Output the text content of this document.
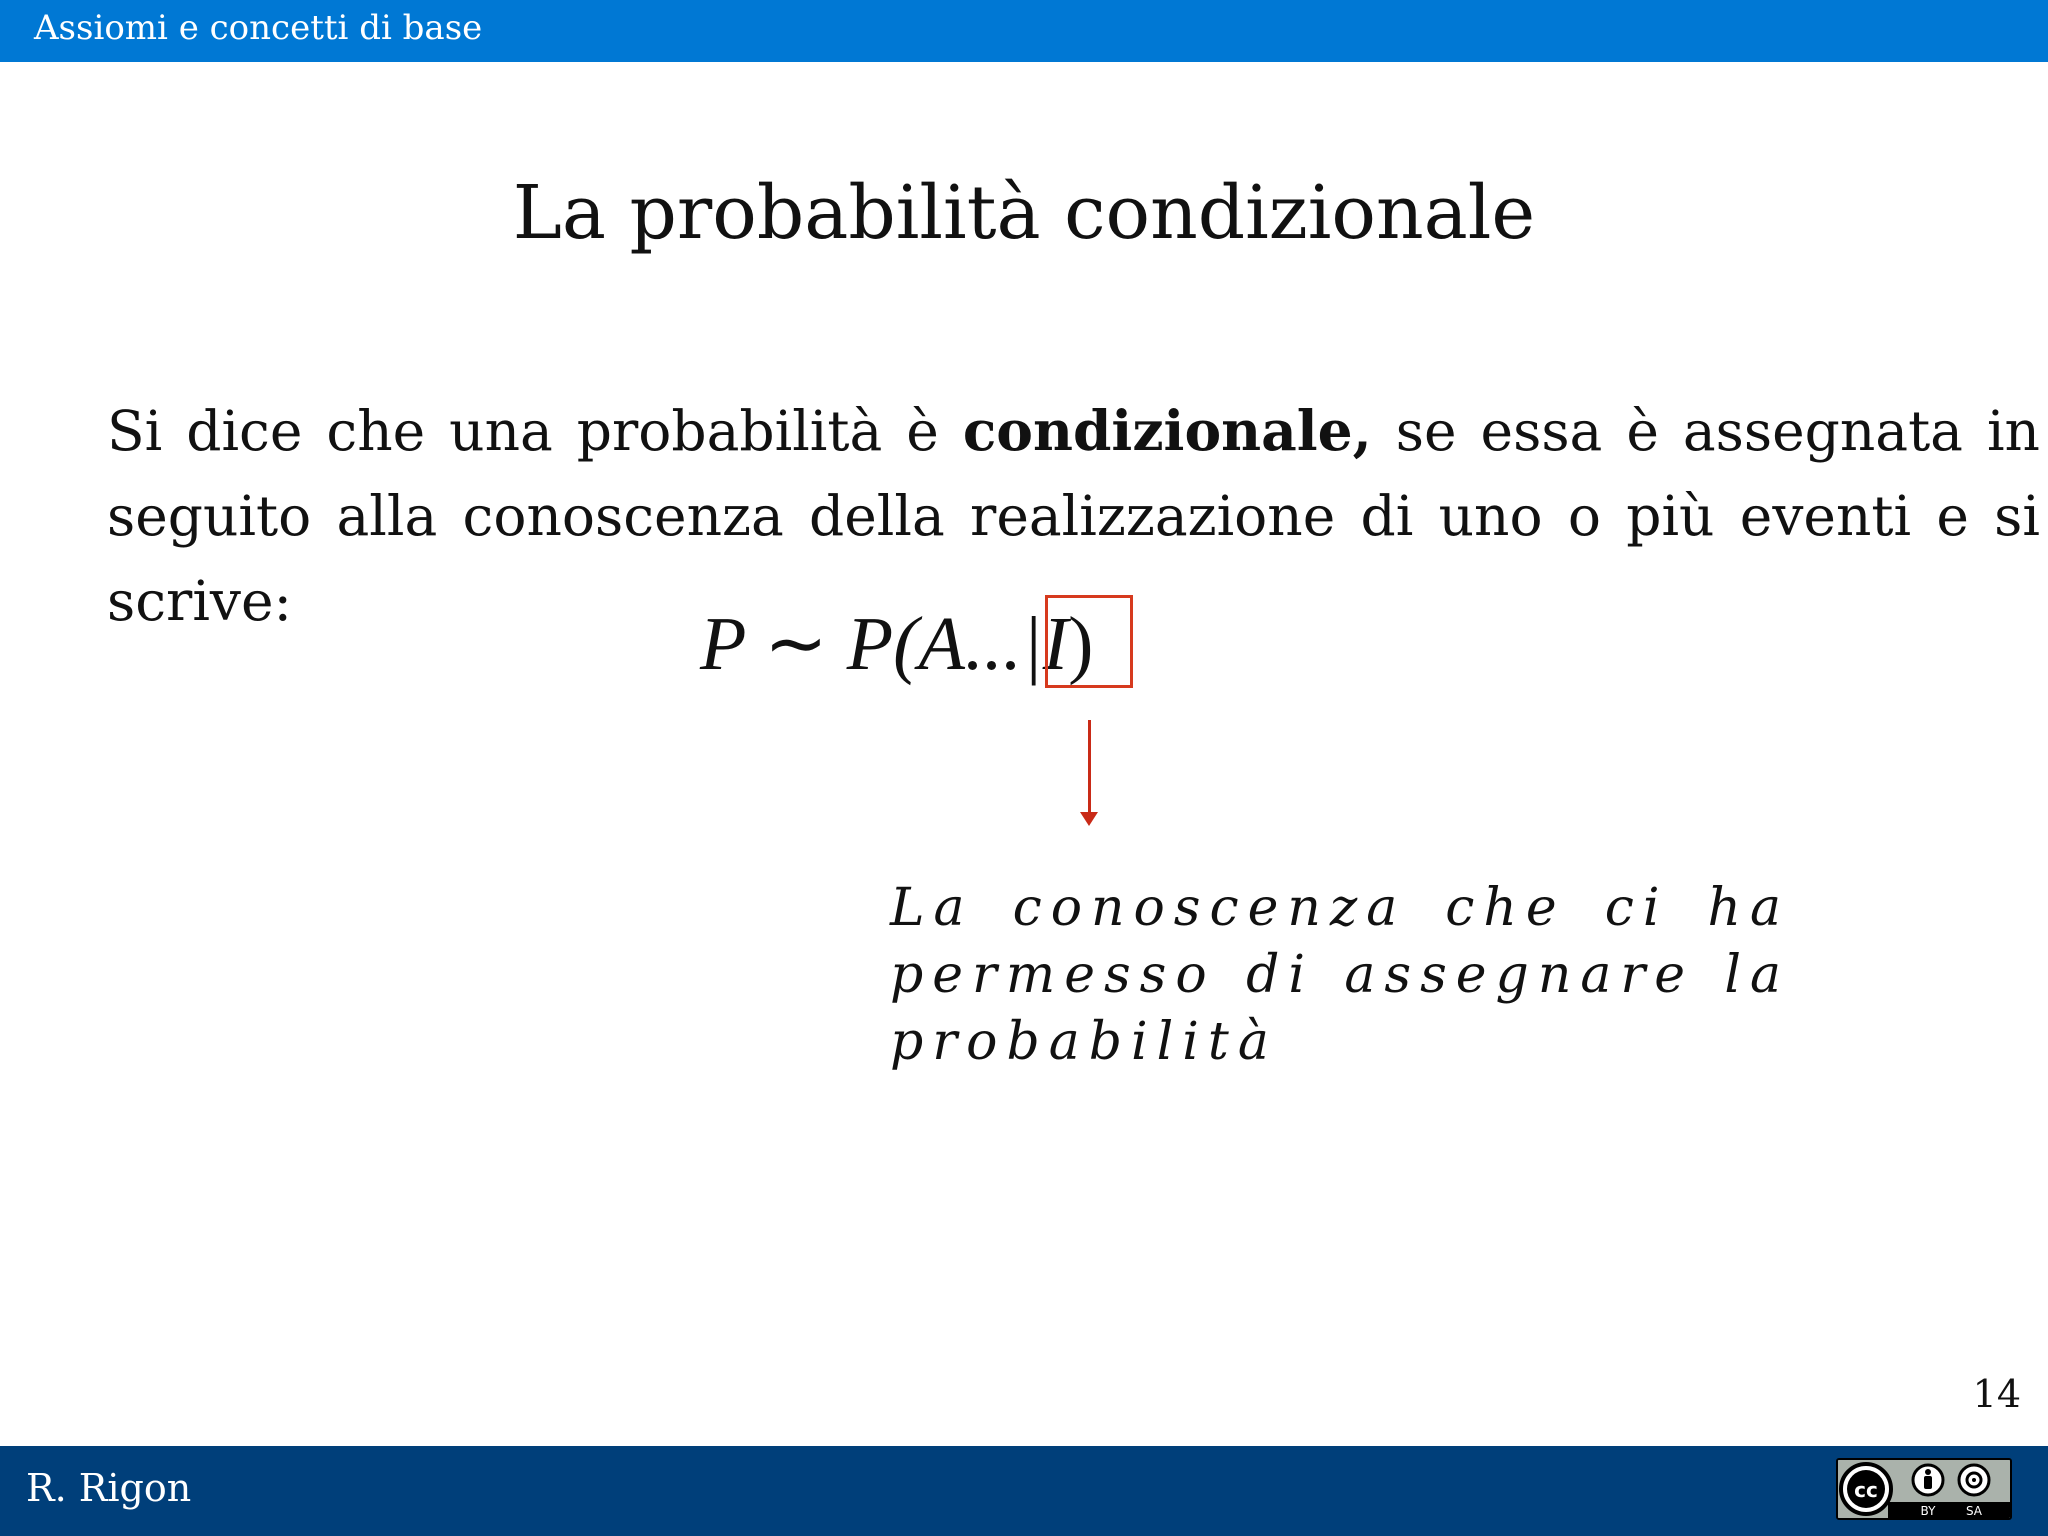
Assiomi e concetti di base
La probabilità condizionale
Si dice che una probabilità è condizionale, se essa è assegnata in seguito alla conoscenza della realizzazione di uno o più eventi e si scrive:
P ∼ P(A...|I)
La conoscenza che ci ha permesso di assegnare la probabilità
14
R. Rigon	cc
BY	SA
